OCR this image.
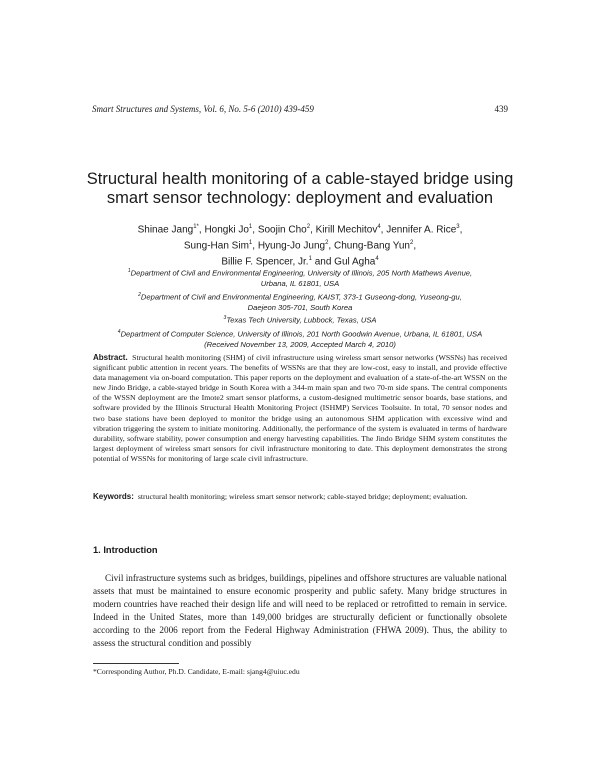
Smart Structures and Systems, Vol. 6, No. 5-6 (2010) 439-459	439
Structural health monitoring of a cable-stayed bridge using
smart sensor technology: deployment and evaluation
Shinae Jang$^{1*}$, Hongki Jo$^1$, Soojin Cho$^2$, Kirill Mechitov$^4$, Jennifer A. Rice$^3$,
Sung-Han Sim$^1$, Hyung-Jo Jung$^2$, Chung-Bang Yun$^2$,
Billie F. Spencer, Jr.$^1$ and Gul Agha$^4$
$^1$Department of Civil and Environmental Engineering, University of Illinois, 205 North Mathews Avenue,
Urbana, IL 61801, USA
$^2$Department of Civil and Environmental Engineering, KAIST, 373-1 Guseong-dong, Yuseong-gu,
Daejeon 305-701, South Korea
$^3$Texas Tech University, Lubbock, Texas, USA
$^4$Department of Computer Science, University of Illinois, 201 North Goodwin Avenue, Urbana, IL 61801, USA
(Received November 13, 2009, Accepted March 4, 2010)
Abstract. Structural health monitoring (SHM) of civil infrastructure using wireless smart sensor networks (WSSNs) has received significant public attention in recent years. The benefits of WSSNs are that they are low-cost, easy to install, and provide effective data management via on-board computation. This paper reports on the deployment and evaluation of a state-of-the-art WSSN on the new Jindo Bridge, a cable-stayed bridge in South Korea with a 344-m main span and two 70-m side spans. The central components of the WSSN deployment are the Imote2 smart sensor platforms, a custom-designed multimetric sensor boards, base stations, and software provided by the Illinois Structural Health Monitoring Project (ISHMP) Services Toolsuite. In total, 70 sensor nodes and two base stations have been deployed to monitor the bridge using an autonomous SHM application with excessive wind and vibration triggering the system to initiate monitoring. Additionally, the performance of the system is evaluated in terms of hardware durability, software stability, power consumption and energy harvesting capabilities. The Jindo Bridge SHM system constitutes the largest deployment of wireless smart sensors for civil infrastructure monitoring to date. This deployment demonstrates the strong potential of WSSNs for monitoring of large scale civil infrastructure.
Keywords: structural health monitoring; wireless smart sensor network; cable-stayed bridge; deployment; evaluation.
1. Introduction
Civil infrastructure systems such as bridges, buildings, pipelines and offshore structures are valuable national assets that must be maintained to ensure economic prosperity and public safety. Many bridge structures in modern countries have reached their design life and will need to be replaced or retrofitted to remain in service. Indeed in the United States, more than 149,000 bridges are structurally deficient or functionally obsolete according to the 2006 report from the Federal Highway Administration (FHWA 2009). Thus, the ability to assess the structural condition and possibly
*Corresponding Author, Ph.D. Candidate, E-mail: sjang4@uiuc.edu
